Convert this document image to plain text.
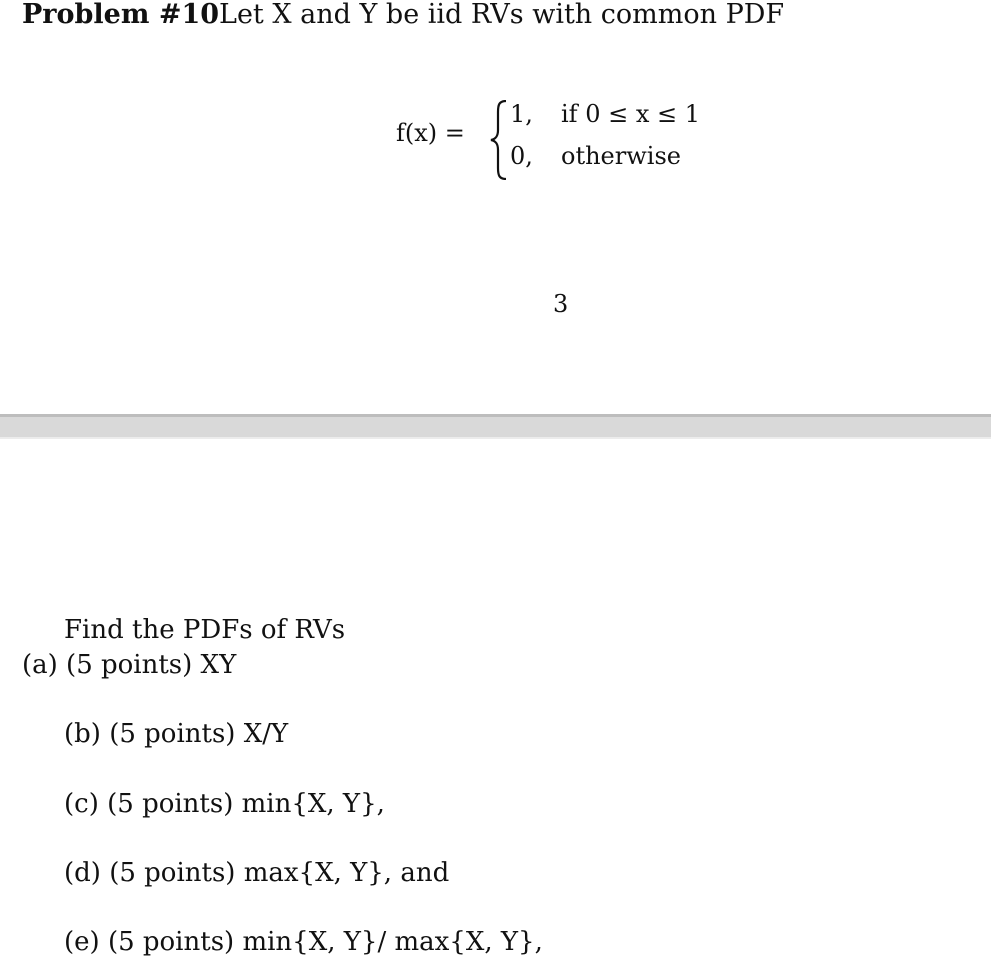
Problem #10Let X and Y be iid RVs with common PDF
f(x) =
1, if 0 ≤ x ≤ 1
0, otherwise
3
Find the PDFs of RVs
(a) (5 points) XY
(b) (5 points) X/Y
(c) (5 points) min{X, Y},
(d) (5 points) max{X, Y}, and
(e) (5 points) min{X, Y}/ max{X, Y},
